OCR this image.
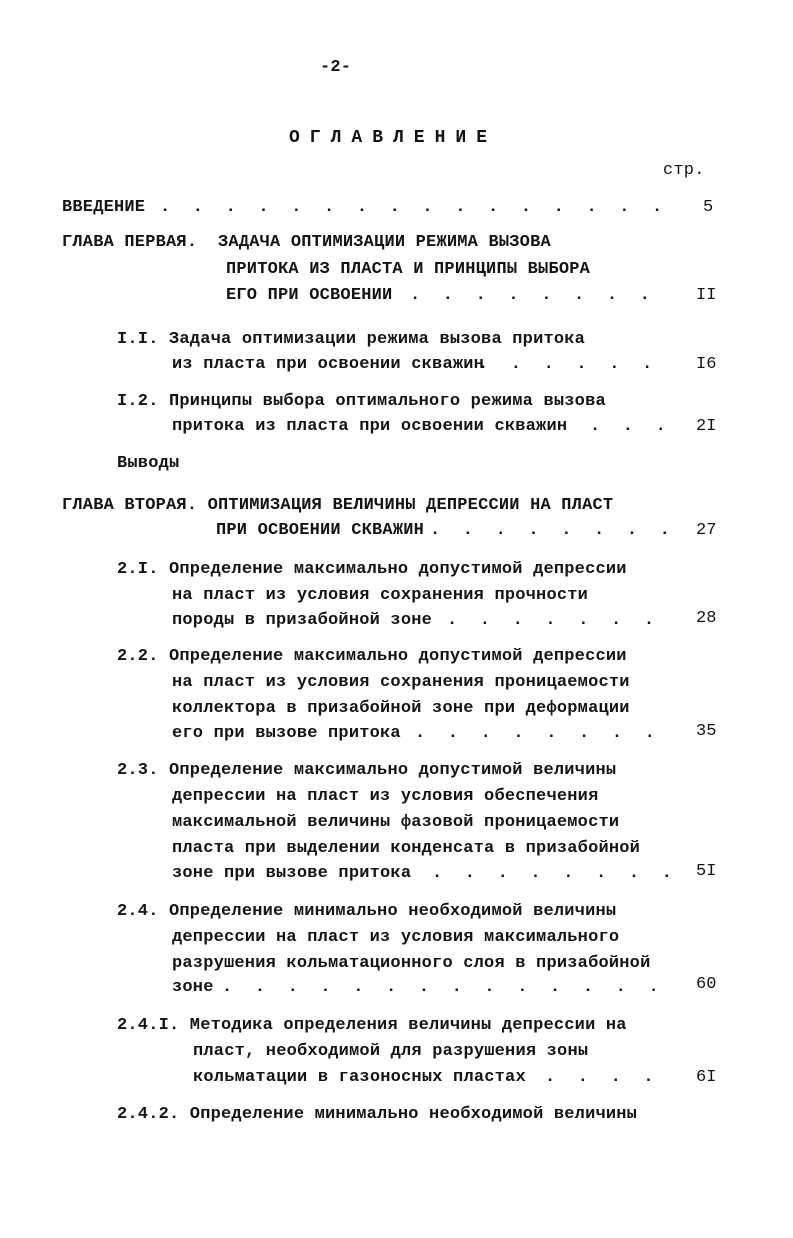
-2-
ОГЛАВЛЕНИЕ
стр.
ВВЕДЕНИЕ . . .	5
ГЛАВА ПЕРВАЯ.  ЗАДАЧА ОПТИМИЗАЦИИ РЕЖИМА ВЫЗОВА
ПРИТОКА ИЗ ПЛАСТА И ПРИНЦИПЫ ВЫБОРА
ЕГО ПРИ ОСВОЕНИИ . . .	II
I.I. Задача оптимизации режима вызова притока
из пласта при освоении скважин . . .	I6
I.2. Принципы выбора оптимального режима вызова
притока из пласта при освоении скважин . . .	2I
Выводы
ГЛАВА ВТОРАЯ. ОПТИМИЗАЦИЯ ВЕЛИЧИНЫ ДЕПРЕССИИ НА ПЛАСТ
ПРИ ОСВОЕНИИ СКВАЖИН . . .	27
2.I. Определение максимально допустимой депрессии
на пласт из условия сохранения прочности
породы в призабойной зоне . . .	28
2.2. Определение максимально допустимой депрессии
на пласт из условия сохранения проницаемости
коллектора в призабойной зоне при деформации
его при вызове притока . . .	35
2.3. Определение максимально допустимой величины
депрессии на пласт из условия обеспечения
максимальной величины фазовой проницаемости
пласта при выделении конденсата в призабойной
зоне при вызове притока . . .	5I
2.4. Определение минимально необходимой величины
депрессии на пласт из условия максимального
разрушения кольматационного слоя в призабойной
зоне . . .	60
2.4.I. Методика определения величины депрессии на
пласт, необходимой для разрушения зоны
кольматации в газоносных пластах . . .	6I
2.4.2. Определение минимально необходимой величины
